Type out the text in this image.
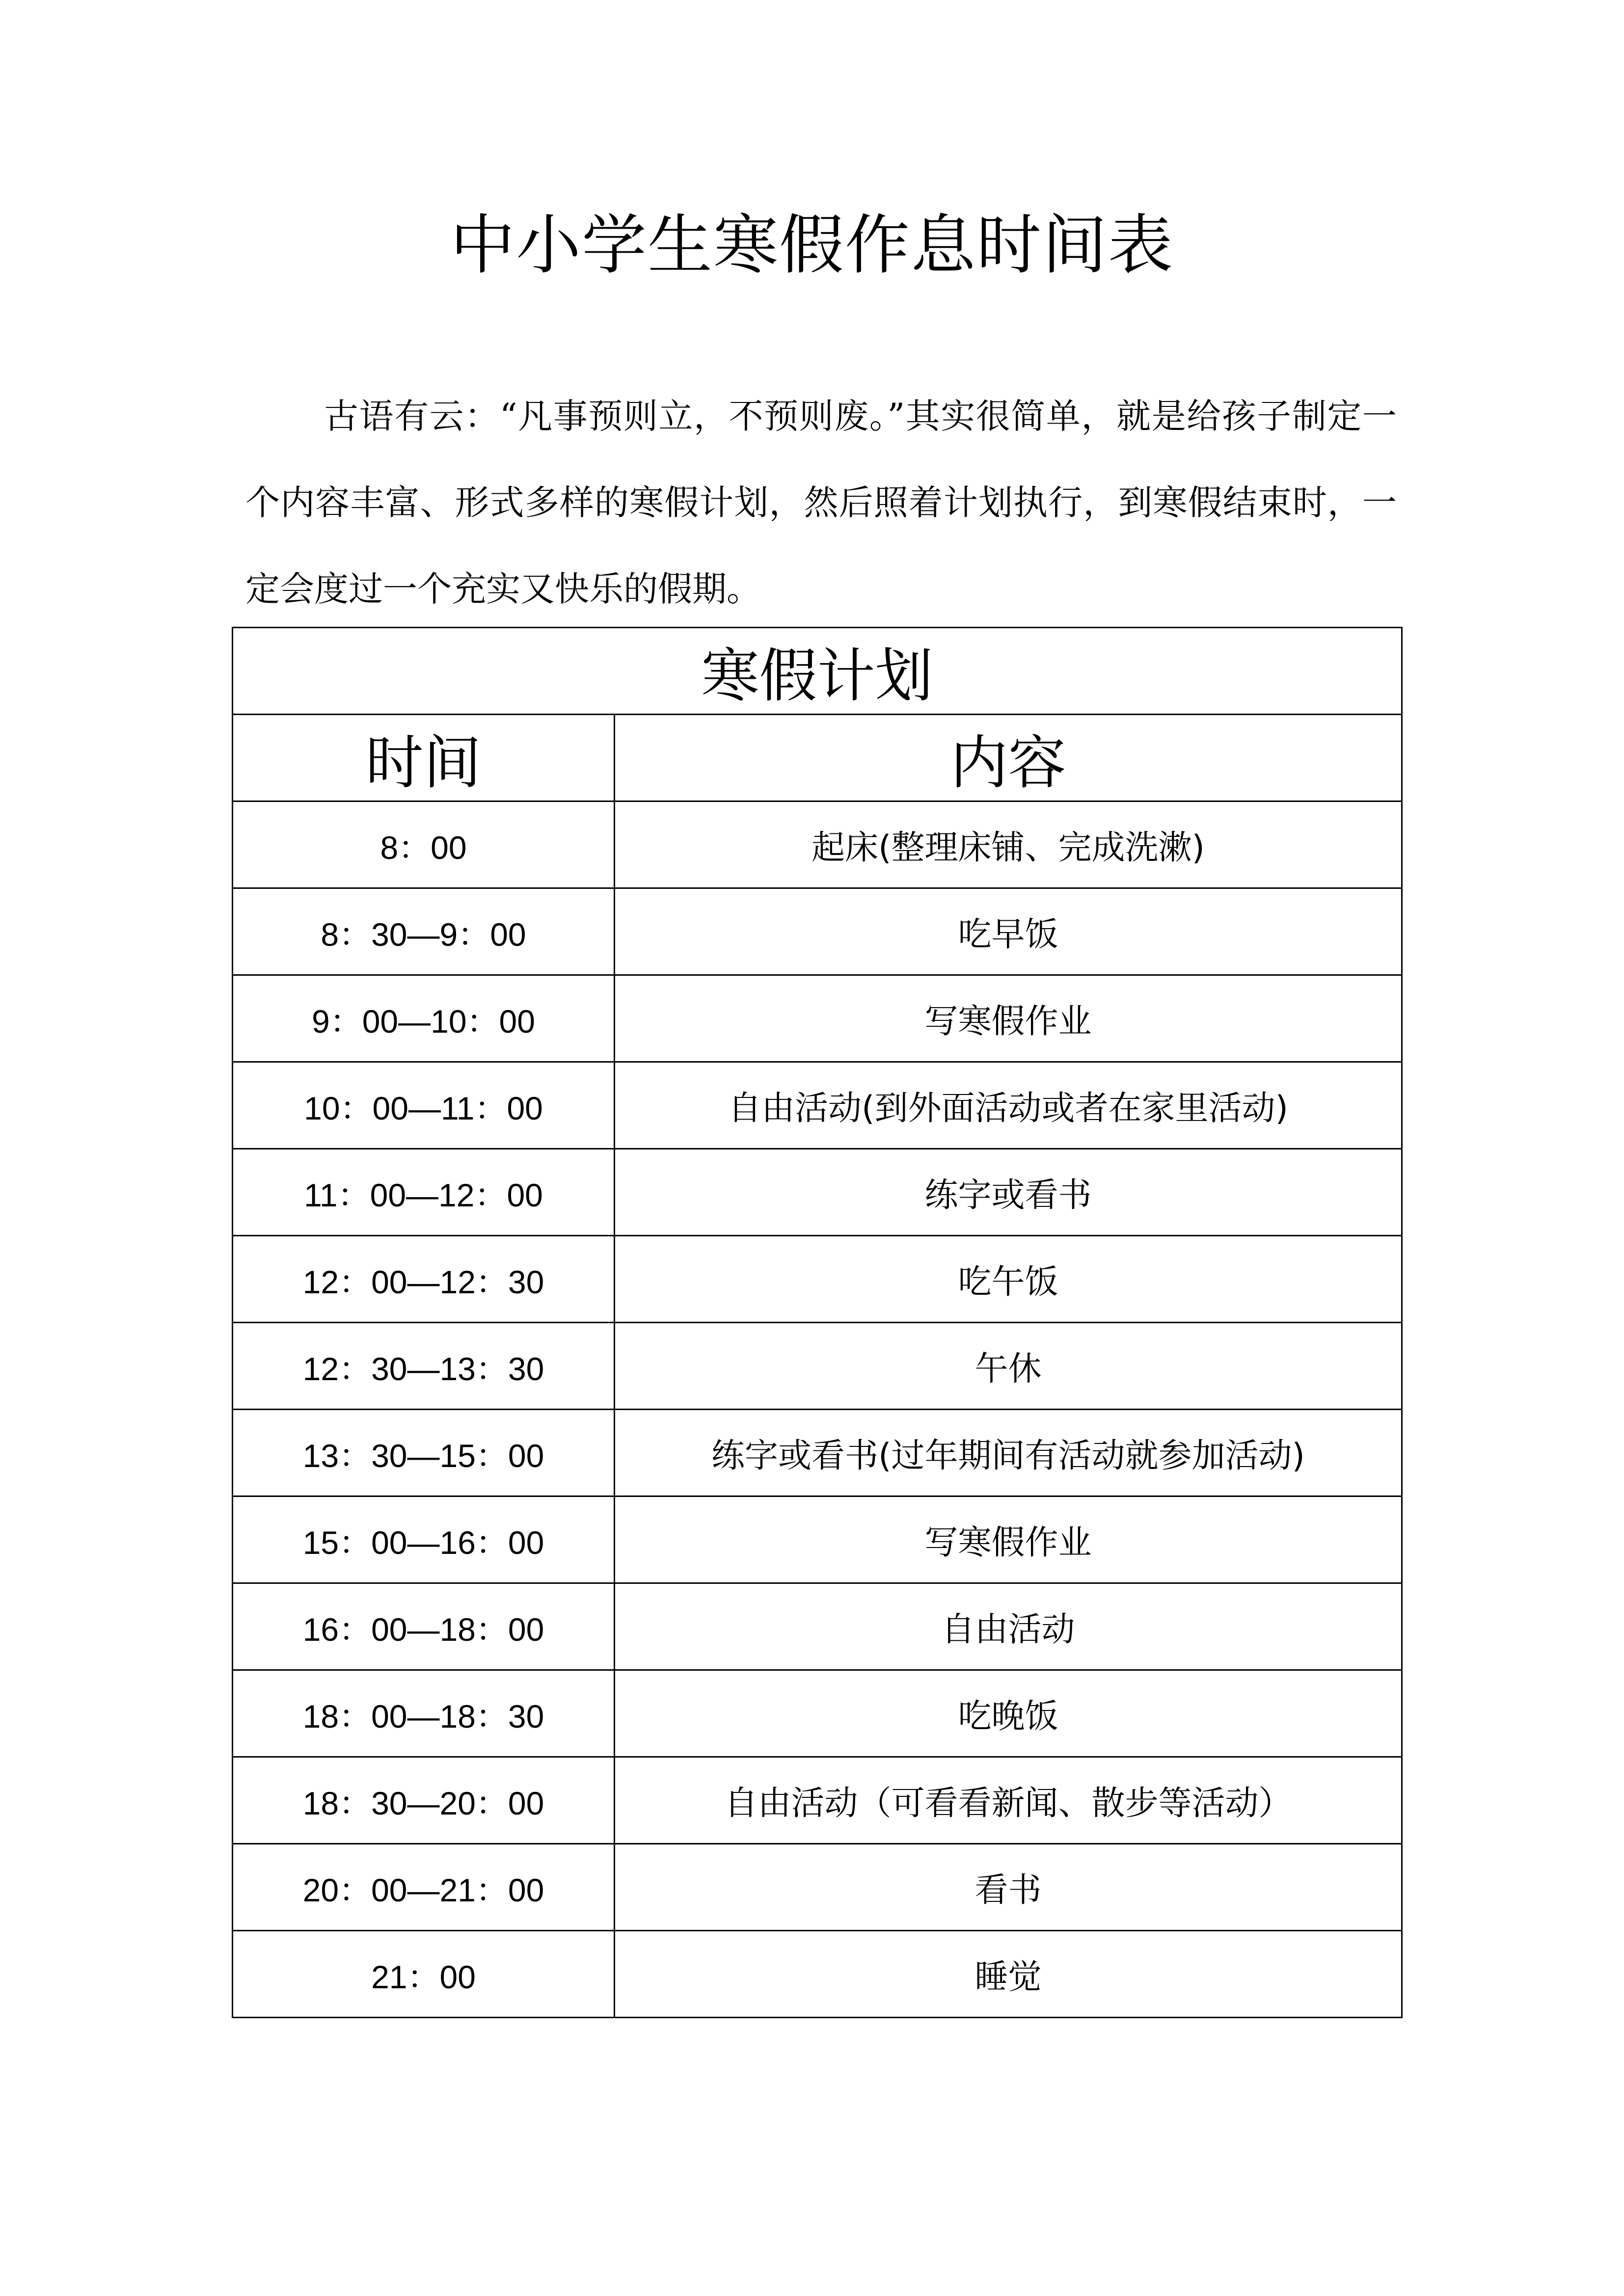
中小学生寒假作息时间表

古语有云：“凡事预则立，不预则废。”其实很简单，就是给孩子制定一个内容丰富、形式多样的寒假计划，然后照着计划执行，到寒假结束时，一定会度过一个充实又快乐的假期。

寒假计划	
时间	内容
8：00	起床(整理床铺、完成洗漱)
8：30—9：00	吃早饭
9：00—10：00	写寒假作业
10：00—11：00	自由活动(到外面活动或者在家里活动)
11：00—12：00	练字或看书
12：00—12：30	吃午饭
12：30—13：30	午休
13：30—15：00	练字或看书(过年期间有活动就参加活动)
15：00—16：00	写寒假作业
16：00—18：00	自由活动
18：00—18：30	吃晚饭
18：30—20：00	自由活动（可看看新闻、散步等活动）
20：00—21：00	看书
21：00	睡觉
